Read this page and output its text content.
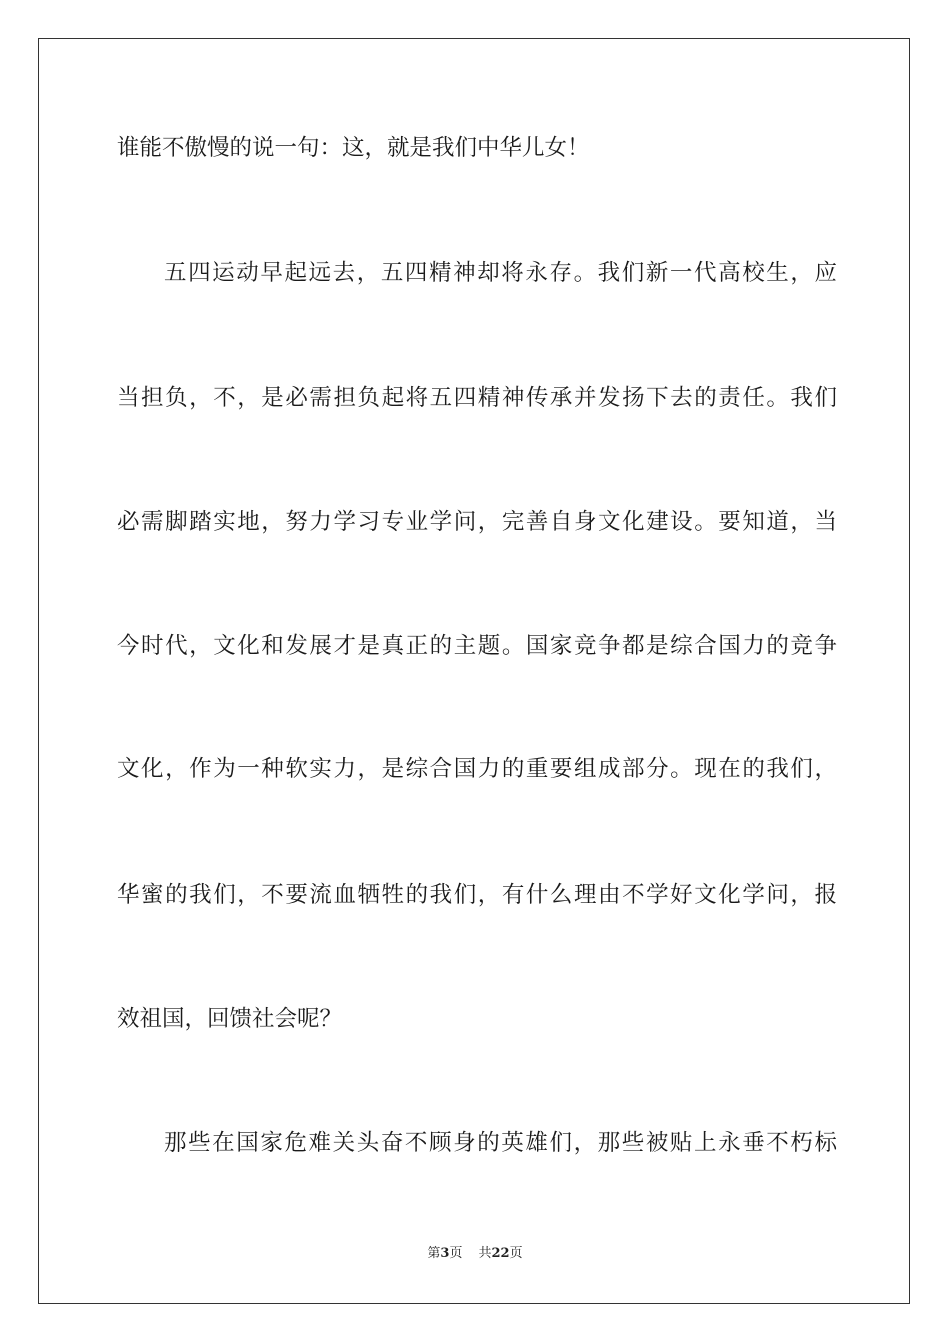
谁能不傲慢的说一句：这，就是我们中华儿女！
五四运动早起远去，五四精神却将永存。我们新一代高校生，应
当担负，不，是必需担负起将五四精神传承并发扬下去的责任。我们
必需脚踏实地，努力学习专业学问，完善自身文化建设。要知道，当
今时代，文化和发展才是真正的主题。国家竞争都是综合国力的竞争
文化，作为一种软实力，是综合国力的重要组成部分。现在的我们，
华蜜的我们，不要流血牺牲的我们，有什么理由不学好文化学问，报
效祖国，回馈社会呢？
那些在国家危难关头奋不顾身的英雄们，那些被贴上永垂不朽标
第3页 共22页
